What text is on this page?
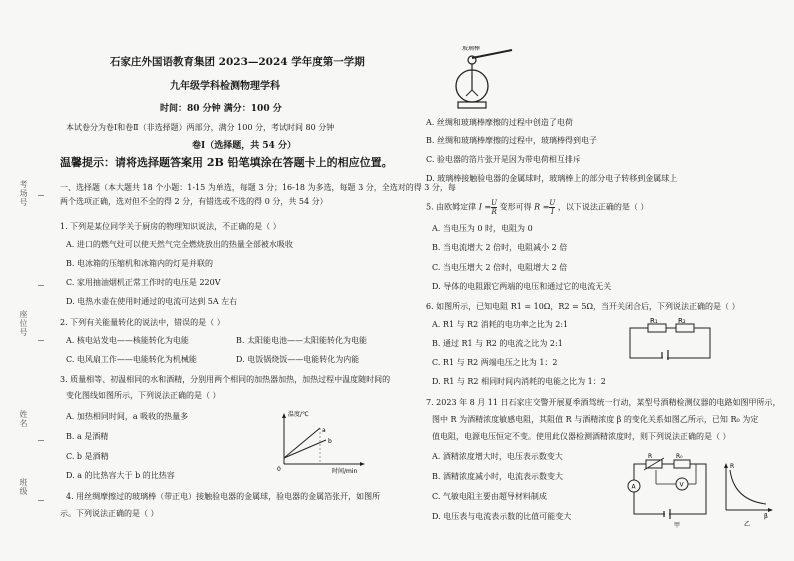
考场号
座位号
姓名
班级
石家庄外国语教育集团 2023—2024 学年度第一学期
九年级学科检测物理学科
时间：80 分钟 满分：100 分
本试卷分为卷Ⅰ和卷Ⅱ（非选择题）两部分，满分 100 分，考试时间 80 分钟
卷Ⅰ（选择题，共 54 分）
温馨提示：请将选择题答案用 2B 铅笔填涂在答题卡上的相应位置。
一、选择题（本大题共 18 个小题：1-15 为单选，每题 3 分；16-18 为多选，每题 3 分，全选对的得 3 分，每
两个选项正确，选对但不全的得 2 分，有错选或不选的得 0 分，共 54 分）
1. 下列是某位同学关于厨房的物理知识说法，不正确的是（ ）
A. 进口的燃气灶可以使天然气完全燃烧放出的热量全部被水吸收
B. 电冰箱的压缩机和冰箱内的灯是并联的
C. 家用抽油烟机正常工作时的电压是 220V
D. 电热水壶在使用时通过的电流可达到 5A 左右
2. 下列有关能量转化的说法中，错误的是（ ）
A. 核电站发电——核能转化为电能	B. 太阳能电池——太阳能转化为电能
C. 电风扇工作——电能转化为机械能	D. 电饭锅烧饭——电能转化为内能
3. 质量相等、初温相同的水和酒精，分别用两个相同的加热器加热，加热过程中温度随时间的
变化图线如图所示，下列说法正确的是（ ）
A. 加热相同时间，a 吸收的热量多
B. a 是酒精
C. b 是酒精
D. a 的比热容大于 b 的比热容
温度/℃
a
b
0	时间/min
4. 用丝绸摩擦过的玻璃棒（带正电）接触验电器的金属球，验电器的金属箔张开，如图所
示。下列说法正确的是（ ）
玻璃棒
A. 丝绸和玻璃棒摩擦的过程中创造了电荷
B. 丝绸和玻璃棒摩擦的过程中，玻璃棒得到电子
C. 验电器的箔片张开是因为带电荷相互排斥
D. 玻璃棒接触验电器的金属球时，玻璃棒上的部分电子转移到金属球上
5. 由欧姆定律 $I = \frac{U}{R}$ 变形可得 $R = \frac{U}{I}$ ，以下说法正确的是（ ）
A. 当电压为 0 时，电阻为 0
B. 当电流增大 2 倍时，电阻减小 2 倍
C. 当电压增大 2 倍时，电阻增大 2 倍
D. 导体的电阻跟它两端的电压和通过它的电流无关
6. 如图所示，已知电阻 R1 = 10Ω，R2 = 5Ω，当开关闭合后，下列说法正确的是（ ）
A. R1 与 R2 消耗的电功率之比为 2:1
B. 通过 R1 与 R2 的电流之比为 2:1
C. R1 与 R2 两端电压之比为 1：2
D. R1 与 R2 相同时间内消耗的电能之比为 1：2
R₁	R₂
7. 2023 年 8 月 11 日石家庄交警开展夏季酒驾统一行动，某型号酒精检测仪器的电路如图甲所示，
图中 R 为酒精浓度敏感电阻，其阻值 R 与酒精浓度 β 的变化关系如图乙所示，已知 R₀ 为定
值电阻，电源电压恒定不变。使用此仪器检测酒精浓度时，则下列说法正确的是（ ）
A. 酒精浓度增大时，电压表示数变大
B. 酒精浓度减小时，电流表示数变大
C. 气敏电阻主要由超导材料制成
D. 电压表与电流表示数的比值可能变大
R	R₀
A	V
甲
R
β
乙
